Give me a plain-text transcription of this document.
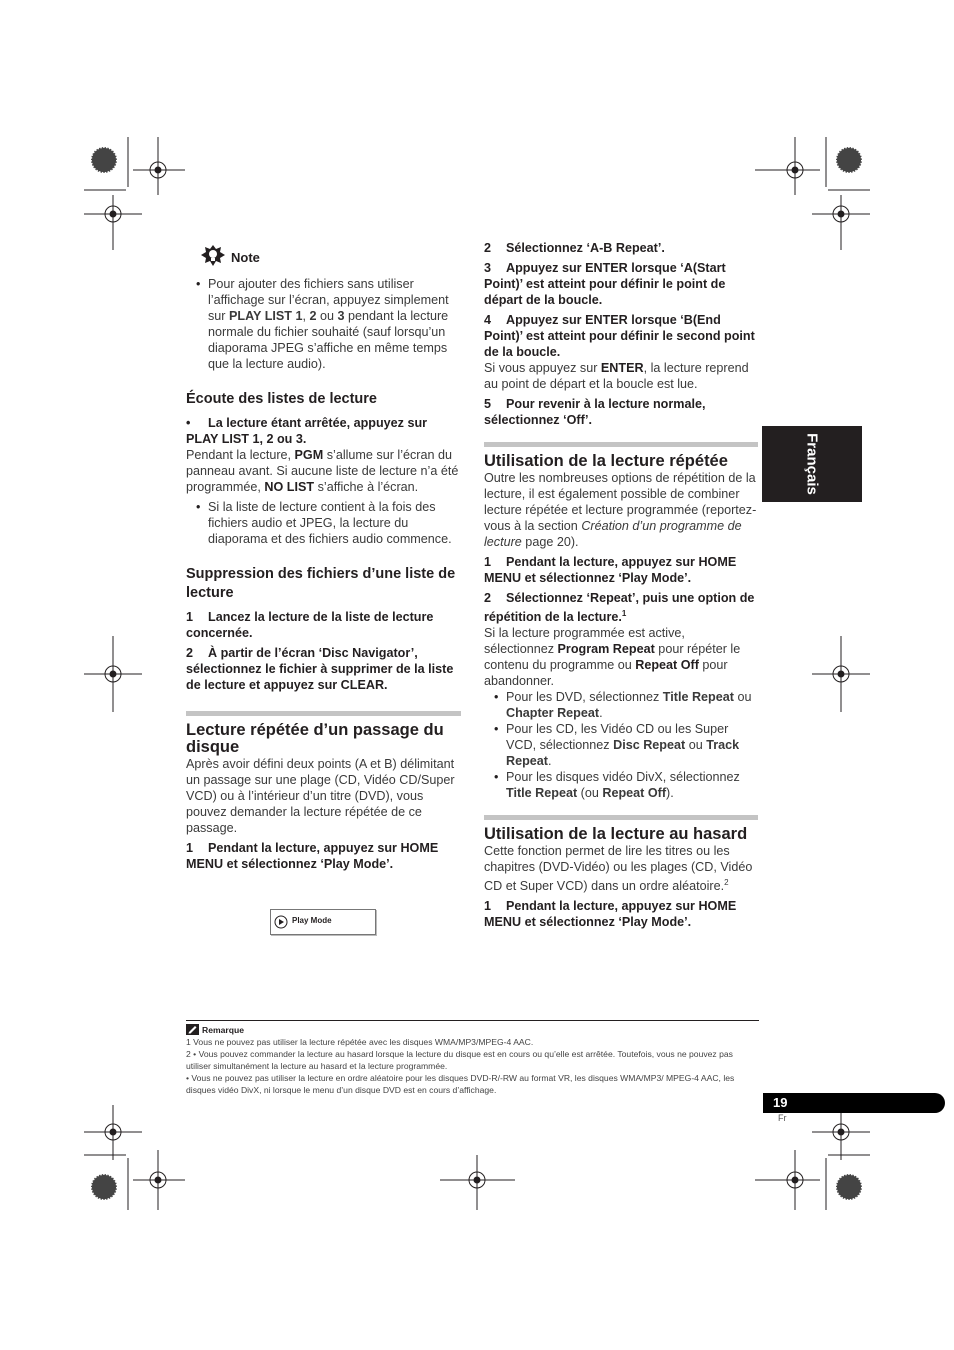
Note
• Pour ajouter des fichiers sans utiliser l’affichage sur l’écran, appuyez simplement sur PLAY LIST 1, 2 ou 3 pendant la lecture normale du fichier souhaité (sauf lorsqu’un diaporama JPEG s’affiche en même temps que la lecture audio).
Écoute des listes de lecture

• La lecture étant arrêtée, appuyez sur PLAY LIST 1, 2 ou 3.

Pendant la lecture, PGM s’allume sur l’écran du panneau avant. Si aucune liste de lecture n’a été programmée, NO LIST s’affiche à l’écran.

• Si la liste de lecture contient à la fois des fichiers audio et JPEG, la lecture du diaporama et des fichiers audio commence.
Suppression des fichiers d’une liste de lecture

1 Lancez la lecture de la liste de lecture concernée.

2 À partir de l’écran ‘Disc Navigator’, sélectionnez le fichier à supprimer de la liste de lecture et appuyez sur CLEAR.

Lecture répétée d’un passage du disque

Après avoir défini deux points (A et B) délimitant un passage sur une plage (CD, Vidéo CD/Super VCD) ou à l’intérieur d’un titre (DVD), vous pouvez demander la lecture répétée de ce passage.

1 Pendant la lecture, appuyez sur HOME MENU et sélectionnez ‘Play Mode’.

Play Mode

2 Sélectionnez ‘A-B Repeat’.

3 Appuyez sur ENTER lorsque ‘A(Start Point)’ est atteint pour définir le point de départ de la boucle.

4 Appuyez sur ENTER lorsque ‘B(End Point)’ est atteint pour définir le second point de la boucle.

Si vous appuyez sur ENTER, la lecture reprend au point de départ et la boucle est lue.

5 Pour revenir à la lecture normale, sélectionnez ‘Off’.

Utilisation de la lecture répétée

Outre les nombreuses options de répétition de la lecture, il est également possible de combiner lecture répétée et lecture programmée (reportez-vous à la section Création d’un programme de lecture page 20).

1 Pendant la lecture, appuyez sur HOME MENU et sélectionnez ‘Play Mode’.

2 Sélectionnez ‘Repeat’, puis une option de répétition de la lecture.$^1$

Si la lecture programmée est active, sélectionnez Program Repeat pour répéter le contenu du programme ou Repeat Off pour abandonner.

• Pour les DVD, sélectionnez Title Repeat ou Chapter Repeat.
• Pour les CD, les Vidéo CD ou les Super VCD, sélectionnez Disc Repeat ou Track Repeat.
• Pour les disques vidéo DivX, sélectionnez Title Repeat (ou Repeat Off).
Utilisation de la lecture au hasard

Cette fonction permet de lire les titres ou les chapitres (DVD-Vidéo) ou les plages (CD, Vidéo CD et Super VCD) dans un ordre aléatoire.$^2$

1 Pendant la lecture, appuyez sur HOME MENU et sélectionnez ‘Play Mode’.

Français

Remarque

1 Vous ne pouvez pas utiliser la lecture répétée avec les disques WMA/MP3/MPEG-4 AAC.

2 • Vous pouvez commander la lecture au hasard lorsque la lecture du disque est en cours ou qu’elle est arrêtée. Toutefois, vous ne pouvez pas utiliser simultanément la lecture au hasard et la lecture programmée.

• Vous ne pouvez pas utiliser la lecture en ordre aléatoire pour les disques DVD-R/-RW au format VR, les disques WMA/MP3/ MPEG-4 AAC, les disques vidéo DivX, ni lorsque le menu d’un disque DVD est en cours d’affichage.

19
Fr
